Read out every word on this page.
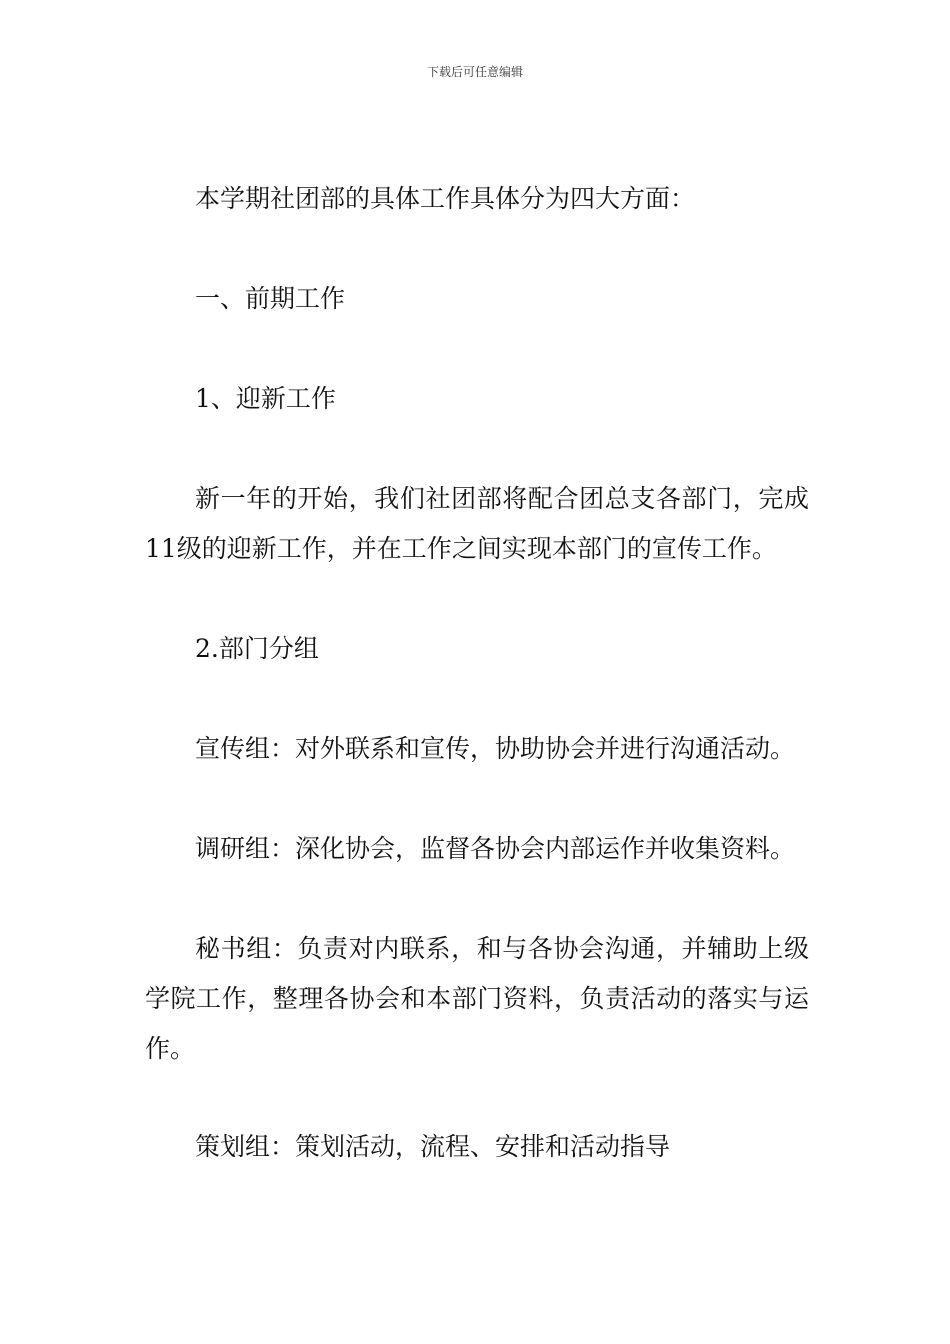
下载后可任意编辑
本学期社团部的具体工作具体分为四大方面：
一、前期工作
1、迎新工作
新一年的开始，我们社团部将配合团总支各部门，完成11级的迎新工作，并在工作之间实现本部门的宣传工作。
2.部门分组
宣传组：对外联系和宣传，协助协会并进行沟通活动。
调研组：深化协会，监督各协会内部运作并收集资料。
秘书组：负责对内联系，和与各协会沟通，并辅助上级学院工作，整理各协会和本部门资料，负责活动的落实与运作。
策划组：策划活动，流程、安排和活动指导
